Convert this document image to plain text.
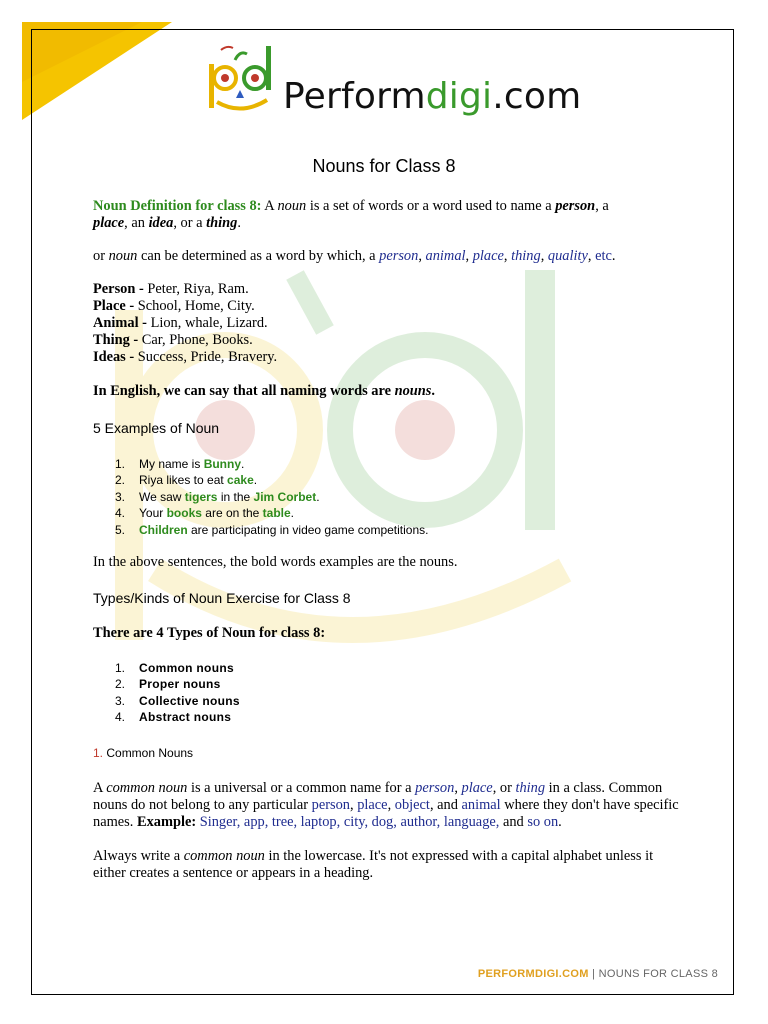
Performdigi.com
Nouns for Class 8

Noun Definition for class 8: A noun is a set of words or a word used to name a person, a
place, an idea, or a thing.

or noun can be determined as a word by which, a person, animal, place, thing, quality, etc.

Person - Peter, Riya, Ram.
Place - School, Home, City.
Animal - Lion, whale, Lizard.
Thing - Car, Phone, Books.
Ideas - Success, Pride, Bravery.

In English, we can say that all naming words are nouns.

5 Examples of Noun
1.	My name is Bunny.
2.	Riya likes to eat cake.
3.	We saw tigers in the Jim Corbet.
4.	Your books are on the table.
5.	Children are participating in video game competitions.

In the above sentences, the bold words examples are the nouns.

Types/Kinds of Noun Exercise for Class 8

There are 4 Types of Noun for class 8:

1.	Common nouns
2.	Proper nouns
3.	Collective nouns
4.	Abstract nouns
1. Common Nouns

A common noun is a universal or a common name for a person, place, or thing in a class. Common nouns do not belong to any particular person, place, object, and animal where they don't have specific names. Example: Singer, app, tree, laptop, city, dog, author, language, and so on.

Always write a common noun in the lowercase. It's not expressed with a capital alphabet unless it either creates a sentence or appears in a heading.

PERFORMDIGI.COM | NOUNS FOR CLASS 8
